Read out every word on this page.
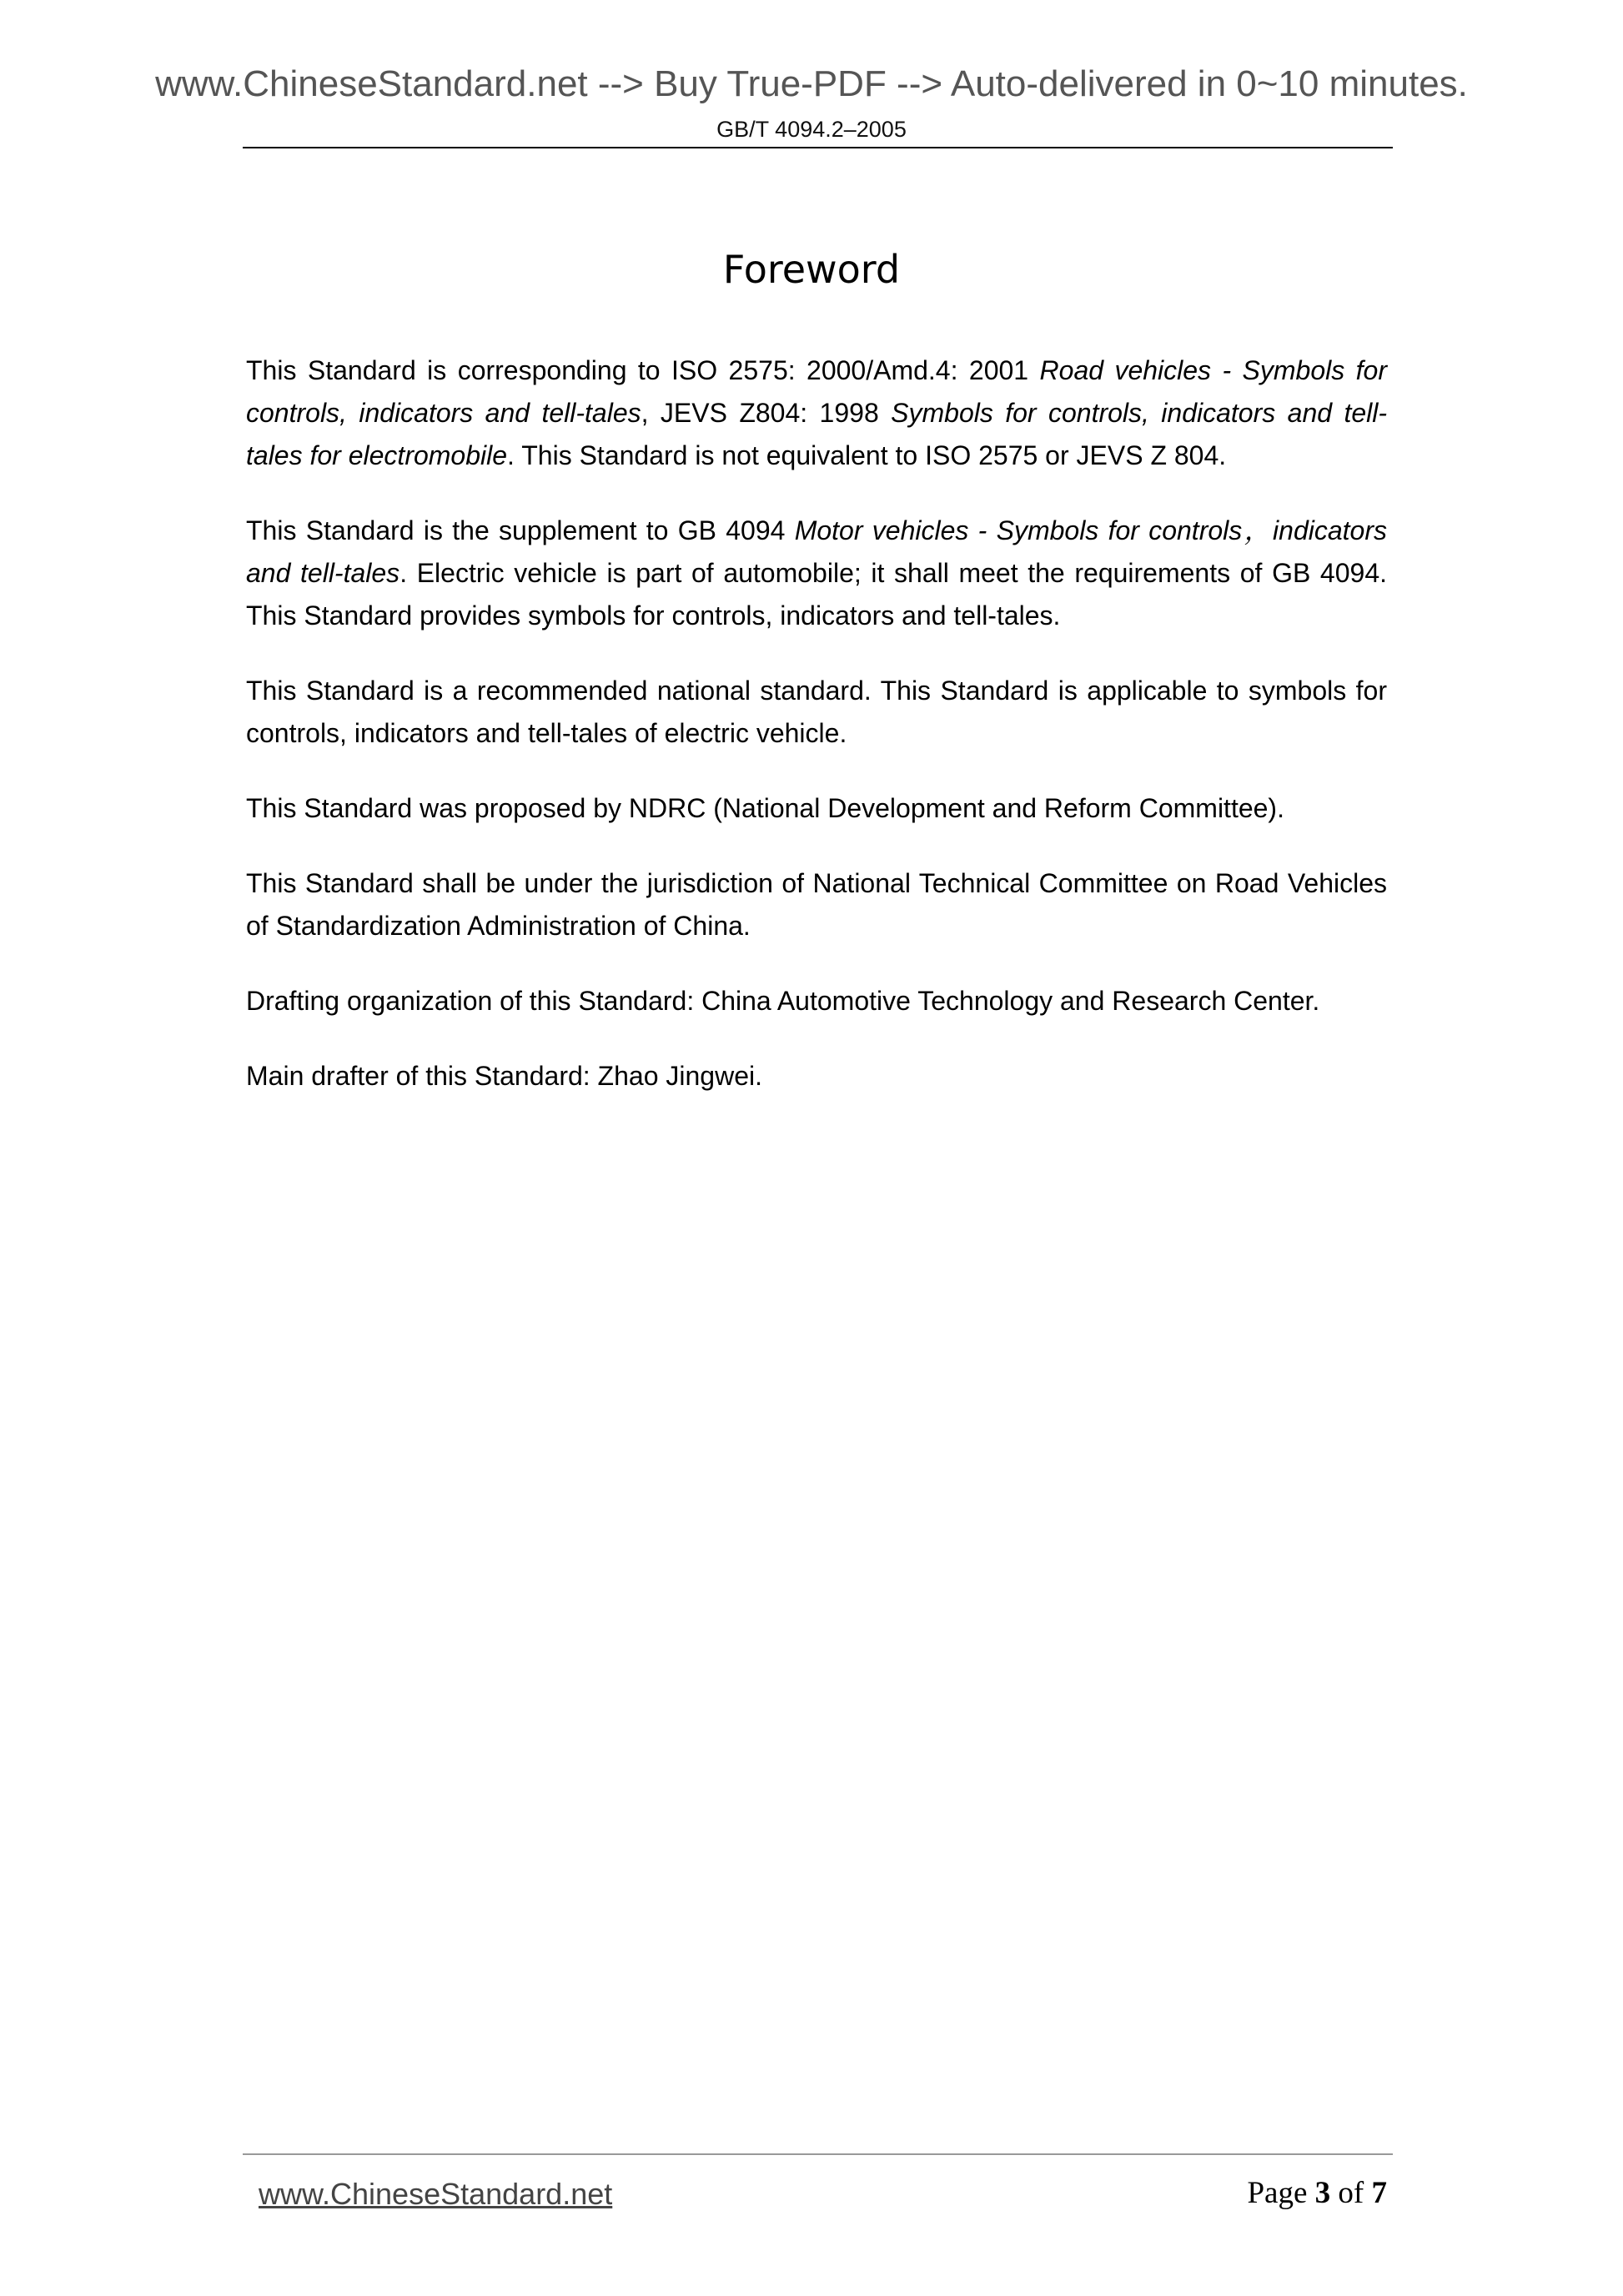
www.ChineseStandard.net --> Buy True-PDF --> Auto-delivered in 0~10 minutes.
GB/T 4094.2–2005
Foreword

This Standard is corresponding to ISO 2575: 2000/Amd.4: 2001 Road vehicles - Symbols for controls, indicators and tell-tales, JEVS Z804: 1998 Symbols for controls, indicators and tell-tales for electromobile. This Standard is not equivalent to ISO 2575 or JEVS Z 804.

This Standard is the supplement to GB 4094 Motor vehicles - Symbols for controls，indicators and tell-tales. Electric vehicle is part of automobile; it shall meet the requirements of GB 4094. This Standard provides symbols for controls, indicators and tell-tales.

This Standard is a recommended national standard. This Standard is applicable to symbols for controls, indicators and tell-tales of electric vehicle.

This Standard was proposed by NDRC (National Development and Reform Committee).

This Standard shall be under the jurisdiction of National Technical Committee on Road Vehicles of Standardization Administration of China.

Drafting organization of this Standard: China Automotive Technology and Research Center.

Main drafter of this Standard: Zhao Jingwei.

www.ChineseStandard.net	Page 3 of 7
